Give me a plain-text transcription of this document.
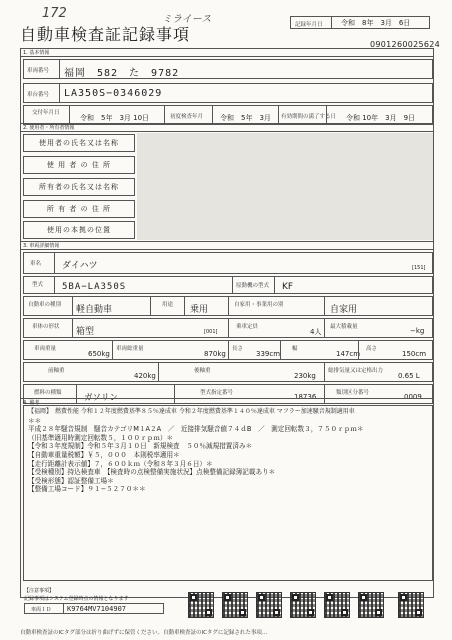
172	ミライース
自動車検査証記録事項	記録年月日	令和　8年　3月　6日
0901260025624
1. 基本情報
車両番号 福岡　582　た　9782
車台番号 LA350S−0346029
交付年月日
令和　5年　3月 10日	初度検査年月 令和　5年　3月 有効期間の満了する日 令和 10年　3月　9日
2. 使用者・所有者情報
使用者の氏名又は名称
使 用 者 の 住 所
所有者の氏名又は名称
所 有 者 の 住 所
使用の本拠の位置
3. 車両詳細情報
車名 ダイハツ	[151]
型式 5BA−LA350S	原動機の型式 KF
自動車の種別 軽自動車	用途 乗用	自家用・事業用の別	自家用
車体の形状 箱型	[001]
乗車定員
4人
最大積載量	−kg
車両重量
650kg
車両総重量
870kg
長さ
339cm
幅
147cm
高さ
150cm
前軸重
420kg
後軸重
230kg
総排気量又は定格出力
0.65 L
燃料の種類	ガソリン	型式指定番号	18736	類別区分番号	0009
4. 備考
【福岡】　燃費性能 令和１２年度燃費基準８５％達成車 令和２年度燃費基準１４０％達成車 マフラー加速騒音規制適用車
＊＊
平成２８年騒音規制　騒音カテゴリM１A２A　／　近接排気騒音値７４ｄB　／　測定回転数３，７５０ｒｐｍ＊
（旧基準適用時測定回転数５，１００ｒｐｍ）＊
【令和３年度規制】令和５年３月１０日　新規検査　５０％減規措置済み＊
【自動車重量税額】￥５，０００　本則税率適用＊
【走行距離計表示値】７，６００ｋｍ（令和８年３月６日）＊
【受検種別】持込検査車　【検査時の点検整備実施状況】点検整備記録簿記載あり＊
【受検形態】認証整備工場＊
【整備工場コード】９１−５２７０＊＊
【注意事項】
記録事項はシステム登録時点の情報となります
車両ＩＤ K9764MV7104907
自動車検査証のICタグ部分は折り曲げずに保管ください。自動車検査証のICタグに記録された事項…
